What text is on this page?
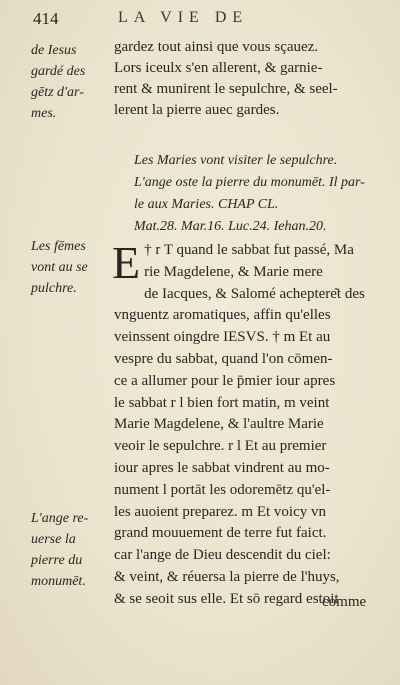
414	LA VIE DE
de Iesus
gardé des
gētz d'ar-
mes.
Les fēmes
vont au se
pulchre.
L'ange re-
uerse la
pierre du
monumēt.
gardez tout ainsi que vous sçauez.
Lors iceulx s'en allerent, & garnie-
rent & munirent le sepulchre, & seel-
lerent la pierre auec gardes.
Les Maries vont visiter le sepulchre.
L'ange oste la pierre du monumēt. Il par-
le aux Maries. CHAP CL.
Mat.28. Mar.16. Luc.24. Iehan.20.
E † r T quand le sabbat fut passé, Ma
rie Magdelene, & Marie mere
de Iacques, & Salomé acheptere͂t des
vnguentz aromatiques, affin qu'elles
veinssent oingdre IESVS. † m Et au
vespre du sabbat, quand l'on cōmen-
ce a allumer pour le p̄mier iour apres
le sabbat r l bien fort matin, m veint
Marie Magdelene, & l'aultre Marie
veoir le sepulchre. r l Et au premier
iour apres le sabbat vindrent au mo-
nument l portāt les odoremētz qu'el-
les auoient preparez. m Et voicy vn
grand mouuement de terre fut faict.
car l'ange de Dieu descendit du ciel:
& veint, & réuersa la pierre de l'huys,
& se seoit sus elle. Et sō regard estoit
comme
